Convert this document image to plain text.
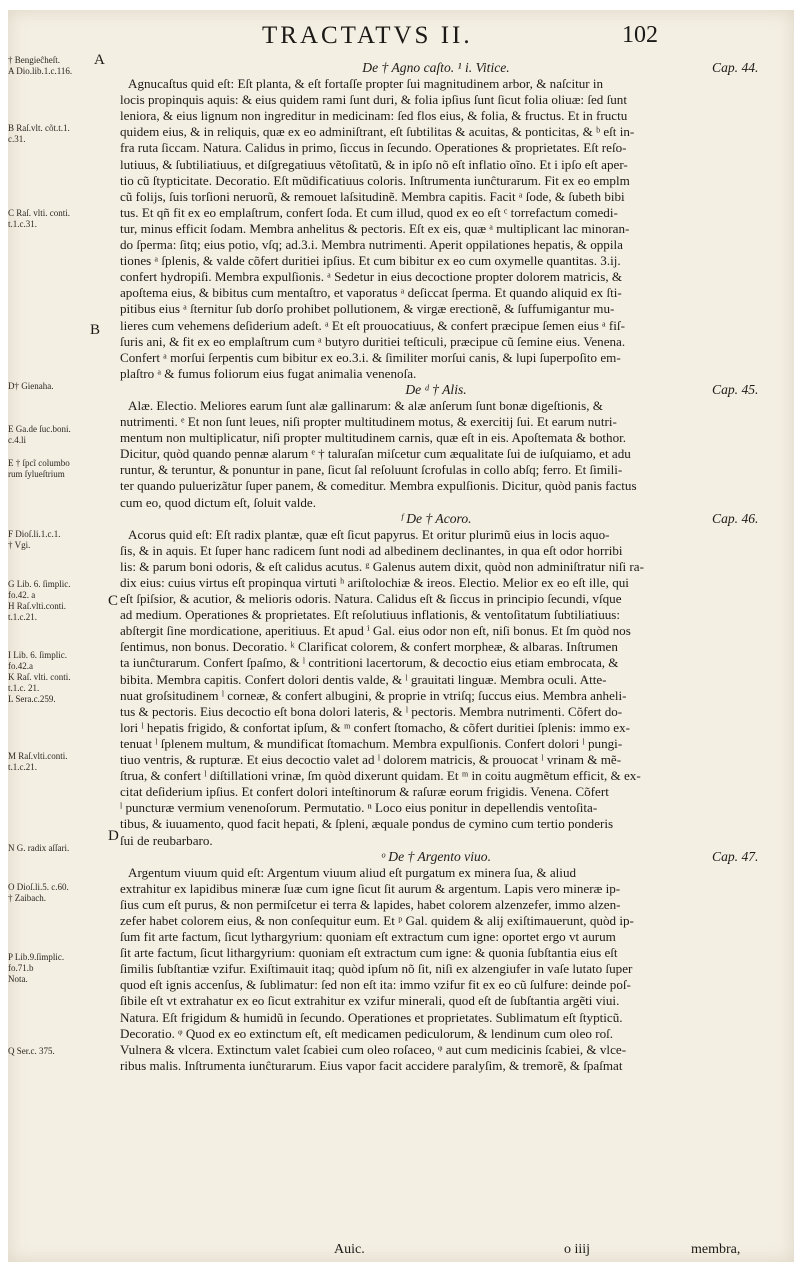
TRACTATVS II.	102
† Bengieĉheſt.
A Dio.lib.1.c.116.
B Raſ.vlt. cõt.t.1.
c.31.
C Raſ. vlti. conti.
t.1.c.31.
D† Gienaha.
E Ga.de ſuc.boni.
c.4.li
E † ſpcĩ columbo
rum ſylueſtrium
F Dioſ.li.1.c.1.
† Vgi.
G Lib. 6. ſimplic.
fo.42. a
H Raſ.vlti.conti.
t.1.c.21.
I Lib. 6. ſimplic.
fo.42.a
K Raſ. vlti. conti.
t.1.c. 21.
L Sera.c.259.
M Raſ.vlti.conti.
t.1.c.21.
N G. radix aſſari.
O Dioſ.li.5. c.60.
† Zaibach.
P Lib.9.ſimplic.
fo.71.b
Nota.
Q Ser.c. 375.
A
B
C
D
De † Agno caſto. ¹ i. Vitice.	Cap. 44.

Agnucaſtus quid eſt: Eſt planta, & eſt fortaſſe propter ſui magnitudinem arbor, & naſcitur in

locis propinquis aquis: & eius quidem rami ſunt duri, & folia ipſius ſunt ſicut folia oliuæ: ſed ſunt

leniora, & eius lignum non ingreditur in medicinam: ſed flos eius, & folia, & fructus. Et in fructu

quidem eius, & in reliquis, quæ ex eo adminiſtrant, eſt ſubtilitas & acuitas, & ponticitas, & ᵇ eſt in-

fra ruta ſiccam. Natura. Calidus in primo, ſiccus in ſecundo. Operationes & proprietates. Eſt reſo-

lutiuus, & ſubtiliatiuus, et diſgregatiuus vẽtoſitatũ, & in ipſo nõ eſt inflatio oĩno. Et i ipſo eſt aper-

tio cũ ſtypticitate. Decoratio. Eſt mũdificatiuus coloris. Inſtrumenta iunĉturarum. Fit ex eo emplm

cũ folijs, ſuis torſioni neruorũ, & remouet laſsitudinẽ. Membra capitis. Facit ᵃ ſode, & ſubeth bibi

tus. Et qñ fit ex eo emplaſtrum, confert ſoda. Et cum illud, quod ex eo eſt ᶜ torrefactum comedi-

tur, minus efficit ſodam. Membra anhelitus & pectoris. Eſt ex eis, quæ ᵃ multiplicant lac minoran-

do ſperma: ſitq; eius potio, vſq; ad.3.i. Membra nutrimenti. Aperit oppilationes hepatis, & oppila

tiones ᵃ ſplenis, & valde cõfert duritiei ipſius. Et cum bibitur ex eo cum oxymelle quantitas. 3.ij.

confert hydropiſi. Membra expulſionis. ᵃ Sedetur in eius decoctione propter dolorem matricis, &

apoſtema eius, & bibitus cum mentaſtro, et vaporatus ᵃ deſiccat ſperma. Et quando aliquid ex ſti-

pitibus eius ᵃ ſternitur ſub dorſo prohibet pollutionem, & virgæ erectionẽ, & ſuffumigantur mu-

lieres cum vehemens deſiderium adeſt. ᵃ Et eſt prouocatiuus, & confert præcipue ſemen eius ᵃ fiſ-

ſuris ani, & fit ex eo emplaſtrum cum ᵃ butyro duritiei teſticuli, præcipue cũ ſemine eius. Venena.

Confert ᵃ morſui ſerpentis cum bibitur ex eo.3.i. & ſimiliter morſui canis, & lupi ſuperpoſito em-

plaſtro ᵃ & fumus foliorum eius fugat animalia venenoſa.

De ᵈ † Alis.	Cap. 45.

Alæ. Electio. Meliores earum ſunt alæ gallinarum: & alæ anſerum ſunt bonæ digeſtionis, &

nutrimenti. ᵉ Et non ſunt leues, niſi propter multitudinem motus, & exercitij ſui. Et earum nutri-

mentum non multiplicatur, niſi propter multitudinem carnis, quæ eſt in eis. Apoſtemata & bothor.

Dicitur, quòd quando pennæ alarum ᵉ † taluraſan miſcetur cum æqualitate ſui de iuſquiamo, et adu

runtur, & teruntur, & ponuntur in pane, ſicut ſal reſoluunt ſcrofulas in collo abſq; ferro. Et ſimili-

ter quando puluerizãtur ſuper panem, & comeditur. Membra expulſionis. Dicitur, quòd panis factus

cum eo, quod dictum eſt, ſoluit valde.

ᶠ De † Acoro.	Cap. 46.

Acorus quid eſt: Eſt radix plantæ, quæ eſt ſicut papyrus. Et oritur plurimũ eius in locis aquo-

ſis, & in aquis. Et ſuper hanc radicem ſunt nodi ad albedinem declinantes, in qua eſt odor horribi

lis: & parum boni odoris, & eſt calidus acutus. ᵍ Galenus autem dixit, quòd non adminiſtratur niſi ra-

dix eius: cuius virtus eſt propinqua virtuti ʰ ariſtolochiæ & ireos. Electio. Melior ex eo eſt ille, qui

eſt ſpiſsior, & acutior, & melioris odoris. Natura. Calidus eſt & ſiccus in principio ſecundi, vſque

ad medium. Operationes & proprietates. Eſt reſolutiuus inflationis, & ventoſitatum ſubtiliatiuus:

abſtergit ſine mordicatione, aperitiuus. Et apud ⁱ Gal. eius odor non eſt, niſi bonus. Et ſm quòd nos

ſentimus, non bonus. Decoratio. ᵏ Clarificat colorem, & confert morpheæ, & albaras. Inſtrumen

ta iunĉturarum. Confert ſpaſmo, & ˡ contritioni lacertorum, & decoctio eius etiam embrocata, &

bibita. Membra capitis. Confert dolori dentis valde, & ˡ grauitati linguæ. Membra oculi. Atte-

nuat groſsitudinem ˡ corneæ, & confert albugini, & proprie in vtriſq; ſuccus eius. Membra anheli-

tus & pectoris. Eius decoctio eſt bona dolori lateris, & ˡ pectoris. Membra nutrimenti. Cõfert do-

lori ˡ hepatis frigido, & confortat ipſum, & ᵐ confert ſtomacho, & cõfert duritiei ſplenis: immo ex-

tenuat ˡ ſplenem multum, & mundificat ſtomachum. Membra expulſionis. Confert dolori ˡ pungi-

tiuo ventris, & rupturæ. Et eius decoctio valet ad ˡ dolorem matricis, & prouocat ˡ vrinam & mẽ-

ſtrua, & confert ˡ diſtillationi vrinæ, ſm quòd dixerunt quidam. Et ᵐ in coitu augmẽtum efficit, & ex-

citat deſiderium ipſius. Et confert dolori inteſtinorum & raſuræ eorum frigidis. Venena. Cõfert

ˡ puncturæ vermium venenoſorum. Permutatio. ⁿ Loco eius ponitur in depellendis ventoſita-

tibus, & iuuamento, quod facit hepati, & ſpleni, æquale pondus de cymino cum tertio ponderis

ſui de reubarbaro.

ᵒ De † Argento viuo.	Cap. 47.

Argentum viuum quid eſt: Argentum viuum aliud eſt purgatum ex minera ſua, & aliud

extrahitur ex lapidibus mineræ ſuæ cum igne ſicut ſit aurum & argentum. Lapis vero mineræ ip-

ſius cum eſt purus, & non permiſcetur ei terra & lapides, habet colorem alzenzefer, immo alzen-

zefer habet colorem eius, & non conſequitur eum. Et ᵖ Gal. quidem & alij exiſtimauerunt, quòd ip-

ſum fit arte factum, ſicut lythargyrium: quoniam eſt extractum cum igne: oportet ergo vt aurum

ſit arte factum, ſicut lithargyrium: quoniam eſt extractum cum igne: & quonia ſubſtantia eius eſt

ſimilis ſubſtantiæ vzifur. Exiſtimauit itaq; quòd ipſum nõ ſit, niſi ex alzengiufer in vaſe lutato ſuper

quod eſt ignis accenſus, & ſublimatur: ſed non eſt ita: immo vzifur fit ex eo cũ ſulfure: deinde poſ-

ſibile eſt vt extrahatur ex eo ſicut extrahitur ex vzifur minerali, quod eſt de ſubſtantia argẽti viui.

Natura. Eſt frigidum & humidũ in ſecundo. Operationes et proprietates. Sublimatum eſt ſtypticũ.

Decoratio. ᵠ Quod ex eo extinctum eſt, eſt medicamen pediculorum, & lendinum cum oleo roſ.

Vulnera & vlcera. Extinctum valet ſcabiei cum oleo roſaceo, ᵠ aut cum medicinis ſcabiei, & vlce-

ribus malis. Inſtrumenta iunĉturarum. Eius vapor facit accidere paralyſim, & tremorẽ, & ſpaſmat

Auic.	o iiij	membra,
